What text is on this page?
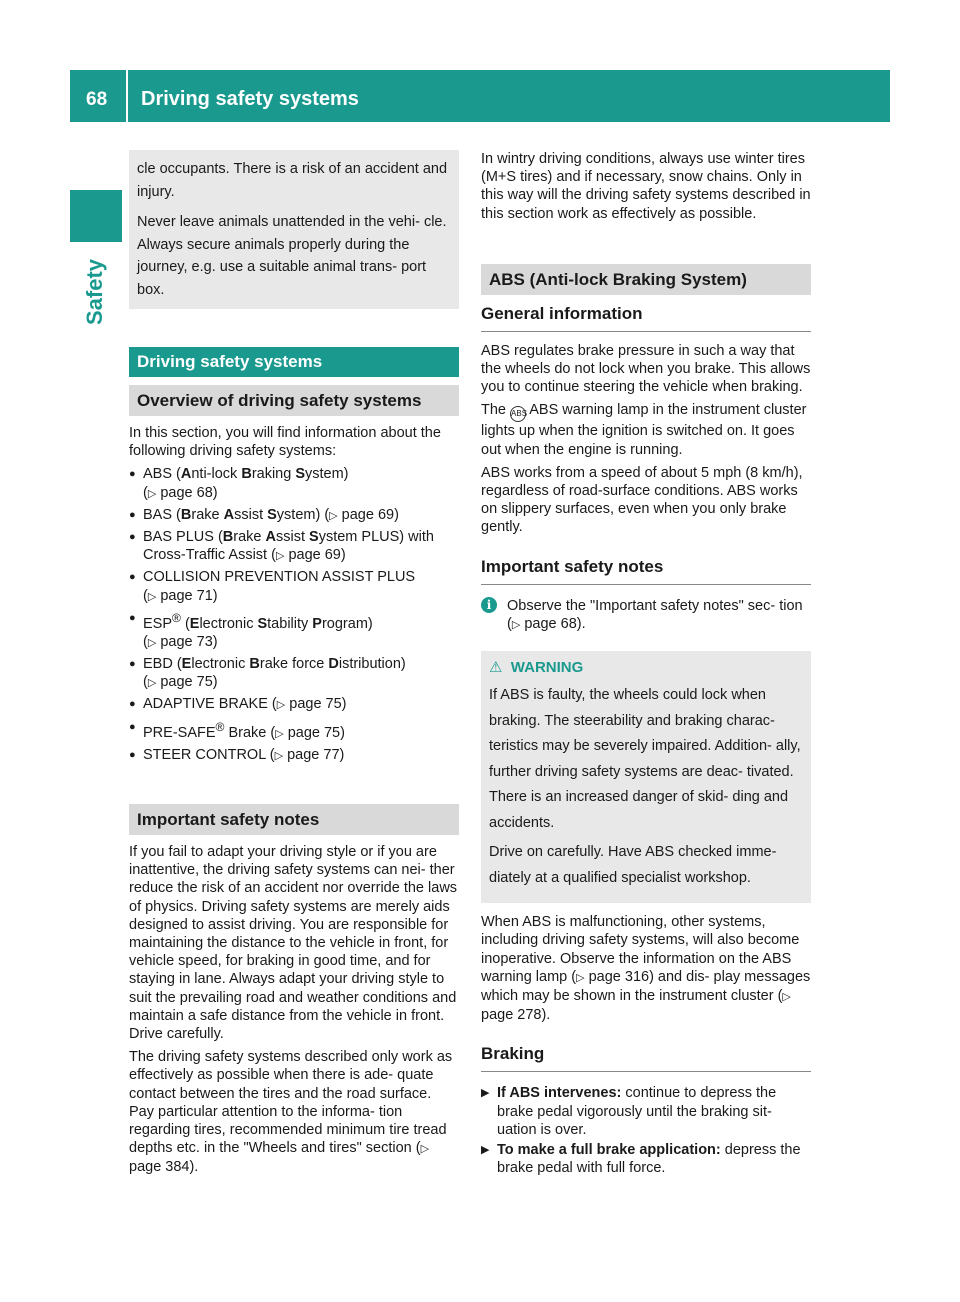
68 Driving safety systems
Safety

cle occupants. There is a risk of an accident and injury.

Never leave animals unattended in the vehi- cle. Always secure animals properly during the journey, e.g. use a suitable animal trans- port box.

Driving safety systems
Overview of driving safety systems

In this section, you will find information about the following driving safety systems:

● ABS (Anti-lock Braking System)
(▷ page 68)
● BAS (Brake Assist System) (▷ page 69)
● BAS PLUS (Brake Assist System PLUS) with Cross-Traffic Assist (▷ page 69)
● COLLISION PREVENTION ASSIST PLUS
(▷ page 71)
● ESP® (Electronic Stability Program)
(▷ page 73)
● EBD (Electronic Brake force Distribution)
(▷ page 75)
● ADAPTIVE BRAKE (▷ page 75)
● PRE-SAFE® Brake (▷ page 75)
● STEER CONTROL (▷ page 77)
Important safety notes

If you fail to adapt your driving style or if you are inattentive, the driving safety systems can nei- ther reduce the risk of an accident nor override the laws of physics. Driving safety systems are merely aids designed to assist driving. You are responsible for maintaining the distance to the vehicle in front, for vehicle speed, for braking in good time, and for staying in lane. Always adapt your driving style to suit the prevailing road and weather conditions and maintain a safe distance from the vehicle in front. Drive carefully.

The driving safety systems described only work as effectively as possible when there is ade- quate contact between the tires and the road surface. Pay particular attention to the informa- tion regarding tires, recommended minimum tire tread depths etc. in the "Wheels and tires" section (▷ page 384).

In wintry driving conditions, always use winter tires (M+S tires) and if necessary, snow chains. Only in this way will the driving safety systems described in this section work as effectively as possible.

ABS (Anti-lock Braking System)
General information

ABS regulates brake pressure in such a way that the wheels do not lock when you brake. This allows you to continue steering the vehicle when braking.

The ABS ABS warning lamp in the instrument cluster lights up when the ignition is switched on. It goes out when the engine is running.

ABS works from a speed of about 5 mph (8 km/h), regardless of road-surface conditions. ABS works on slippery surfaces, even when you only brake gently.

Important safety notes

i	Observe the "Important safety notes" sec- tion (▷ page 68).

⚠ WARNING

If ABS is faulty, the wheels could lock when braking. The steerability and braking charac- teristics may be severely impaired. Addition- ally, further driving safety systems are deac- tivated. There is an increased danger of skid- ding and accidents.

Drive on carefully. Have ABS checked imme- diately at a qualified specialist workshop.

When ABS is malfunctioning, other systems, including driving safety systems, will also become inoperative. Observe the information on the ABS warning lamp (▷ page 316) and dis- play messages which may be shown in the instrument cluster (▷ page 278).

Braking
▶ If ABS intervenes: continue to depress the brake pedal vigorously until the braking sit- uation is over.
▶ To make a full brake application: depress the brake pedal with full force.
